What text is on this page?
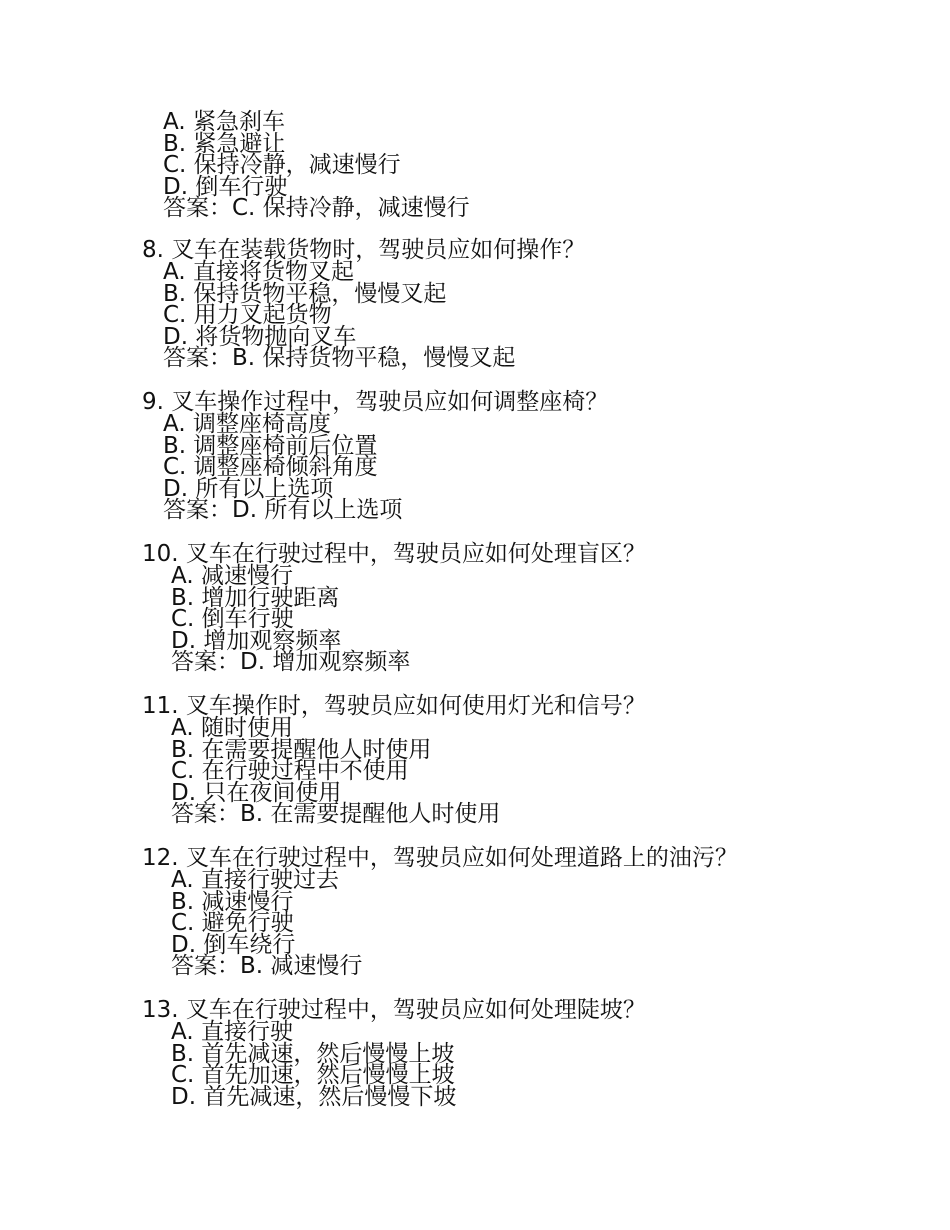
A. 紧急刹车
B. 紧急避让
C. 保持冷静，减速慢行
D. 倒车行驶
答案：C. 保持冷静，减速慢行
8. 叉车在装载货物时，驾驶员应如何操作？
A. 直接将货物叉起
B. 保持货物平稳，慢慢叉起
C. 用力叉起货物
D. 将货物抛向叉车
答案：B. 保持货物平稳，慢慢叉起
9. 叉车操作过程中，驾驶员应如何调整座椅？
A. 调整座椅高度
B. 调整座椅前后位置
C. 调整座椅倾斜角度
D. 所有以上选项
答案：D. 所有以上选项
10. 叉车在行驶过程中，驾驶员应如何处理盲区？
A. 减速慢行
B. 增加行驶距离
C. 倒车行驶
D. 增加观察频率
答案：D. 增加观察频率
11. 叉车操作时，驾驶员应如何使用灯光和信号？
A. 随时使用
B. 在需要提醒他人时使用
C. 在行驶过程中不使用
D. 只在夜间使用
答案：B. 在需要提醒他人时使用
12. 叉车在行驶过程中，驾驶员应如何处理道路上的油污？
A. 直接行驶过去
B. 减速慢行
C. 避免行驶
D. 倒车绕行
答案：B. 减速慢行
13. 叉车在行驶过程中，驾驶员应如何处理陡坡？
A. 直接行驶
B. 首先减速，然后慢慢上坡
C. 首先加速，然后慢慢上坡
D. 首先减速，然后慢慢下坡
